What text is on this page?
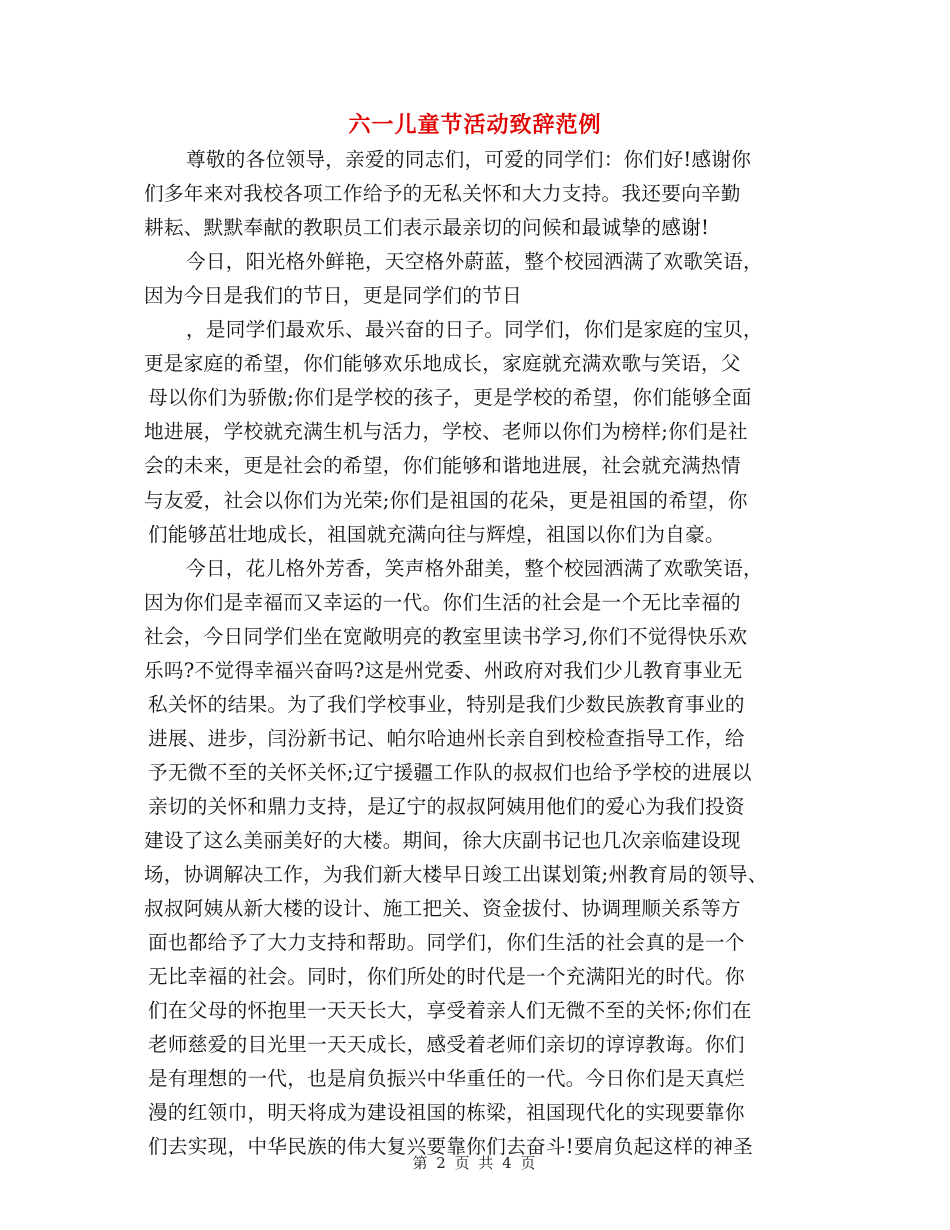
六一儿童节活动致辞范例
尊敬的各位领导，亲爱的同志们，可爱的同学们：你们好!感谢你
们多年来对我校各项工作给予的无私关怀和大力支持。我还要向辛勤
耕耘、默默奉献的教职员工们表示最亲切的问候和最诚挚的感谢!
今日，阳光格外鲜艳，天空格外蔚蓝，整个校园洒满了欢歌笑语，
因为今日是我们的节日，更是同学们的节日
，是同学们最欢乐、最兴奋的日子。同学们，你们是家庭的宝贝，
更是家庭的希望，你们能够欢乐地成长，家庭就充满欢歌与笑语，父
母以你们为骄傲;你们是学校的孩子，更是学校的希望，你们能够全面
地进展，学校就充满生机与活力，学校、老师以你们为榜样;你们是社
会的未来，更是社会的希望，你们能够和谐地进展，社会就充满热情
与友爱，社会以你们为光荣;你们是祖国的花朵，更是祖国的希望，你
们能够茁壮地成长，祖国就充满向往与辉煌，祖国以你们为自豪。
今日，花儿格外芳香，笑声格外甜美，整个校园洒满了欢歌笑语，
因为你们是幸福而又幸运的一代。你们生活的社会是一个无比幸福的
社会，今日同学们坐在宽敞明亮的教室里读书学习,你们不觉得快乐欢
乐吗?不觉得幸福兴奋吗?这是州党委、州政府对我们少儿教育事业无
私关怀的结果。为了我们学校事业，特别是我们少数民族教育事业的
进展、进步，闫汾新书记、帕尔哈迪州长亲自到校检查指导工作，给
予无微不至的关怀关怀;辽宁援疆工作队的叔叔们也给予学校的进展以
亲切的关怀和鼎力支持，是辽宁的叔叔阿姨用他们的爱心为我们投资
建设了这么美丽美好的大楼。期间，徐大庆副书记也几次亲临建设现
场，协调解决工作，为我们新大楼早日竣工出谋划策;州教育局的领导、
叔叔阿姨从新大楼的设计、施工把关、资金拔付、协调理顺关系等方
面也都给予了大力支持和帮助。同学们，你们生活的社会真的是一个
无比幸福的社会。同时，你们所处的时代是一个充满阳光的时代。你
们在父母的怀抱里一天天长大，享受着亲人们无微不至的关怀;你们在
老师慈爱的目光里一天天成长，感受着老师们亲切的谆谆教诲。你们
是有理想的一代，也是肩负振兴中华重任的一代。今日你们是天真烂
漫的红领巾，明天将成为建设祖国的栋梁，祖国现代化的实现要靠你
们去实现，中华民族的伟大复兴要靠你们去奋斗!要肩负起这样的神圣
第 2 页 共 4 页
